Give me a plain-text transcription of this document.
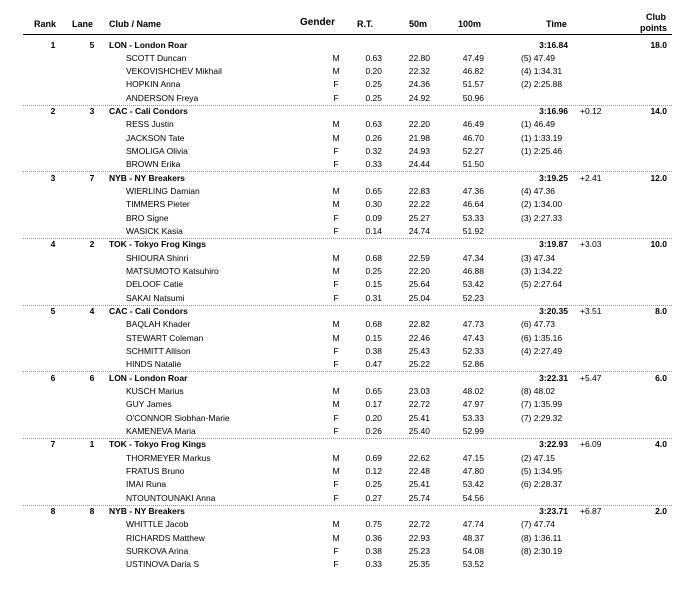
Rank Lane Club / Name	Gender R.T.	50m	100m	Time
Club
points
1	5	LON - London Roar	3:16.84	18.0
SCOTT Duncan	M	0.63	22.80	47.49	(5) 47.49
VEKOVISHCHEV Mikhail	M	0.20	22.32	46.82	(4) 1:34.31
HOPKIN Anna	F	0.25	24.36	51.57	(2) 2:25.88
ANDERSON Freya	F	0.25	24.92	50.96
2	3	CAC - Cali Condors	3:16.96 +0.12	14.0
RESS Justin	M	0.63	22.20	46.49	(1) 46.49
JACKSON Tate	M	0.26	21.98	46.70	(1) 1:33.19
SMOLIGA Olivia	F	0.32	24.93	52.27	(1) 2:25.46
BROWN Erika	F	0.33	24.44	51.50
3	7	NYB - NY Breakers	3:19.25 +2.41	12.0
WIERLING Damian	M	0.65	22.83	47.36	(4) 47.36
TIMMERS Pieter	M	0.30	22.22	46.64	(2) 1:34.00
BRO Signe	F	0.09	25.27	53.33	(3) 2:27.33
WASICK Kasia	F	0.14	24.74	51.92
4	2	TOK - Tokyo Frog Kings	3:19.87 +3.03	10.0
SHIOURA Shinri	M	0.68	22.59	47.34	(3) 47.34
MATSUMOTO Katsuhiro	M	0.25	22.20	46.88	(3) 1:34.22
DELOOF Catie	F	0.15	25.64	53.42	(5) 2:27.64
SAKAI Natsumi	F	0.31	25.04	52.23
5	4	CAC - Cali Condors	3:20.35 +3.51	8.0
BAQLAH Khader	M	0.68	22.82	47.73	(6) 47.73
STEWART Coleman	M	0.15	22.46	47.43	(6) 1:35.16
SCHMITT Allison	F	0.38	25.43	52.33	(4) 2:27.49
HINDS Natalie	F	0.47	25.22	52.86
6	6	LON - London Roar	3:22.31 +5.47	6.0
KUSCH Marius	M	0.65	23.03	48.02	(8) 48.02
GUY James	M	0.17	22.72	47.97	(7) 1:35.99
O'CONNOR Siobhan-Marie	F	0.20	25.41	53.33	(7) 2:29.32
KAMENEVA Maria	F	0.26	25.40	52.99
7	1	TOK - Tokyo Frog Kings	3:22.93 +6.09	4.0
THORMEYER Markus	M	0.69	22.62	47.15	(2) 47.15
FRATUS Bruno	M	0.12	22.48	47.80	(5) 1:34.95
IMAI Runa	F	0.25	25.41	53.42	(6) 2:28.37
NTOUNTOUNAKI Anna	F	0.27	25.74	54.56
8	8	NYB - NY Breakers	3:23.71 +6.87	2.0
WHITTLE Jacob	M	0.75	22.72	47.74	(7) 47.74
RICHARDS Matthew	M	0.36	22.93	48.37	(8) 1:36.11
SURKOVA Arina	F	0.38	25.23	54.08	(8) 2:30.19
USTINOVA Daria S	F	0.33	25.35	53.52
